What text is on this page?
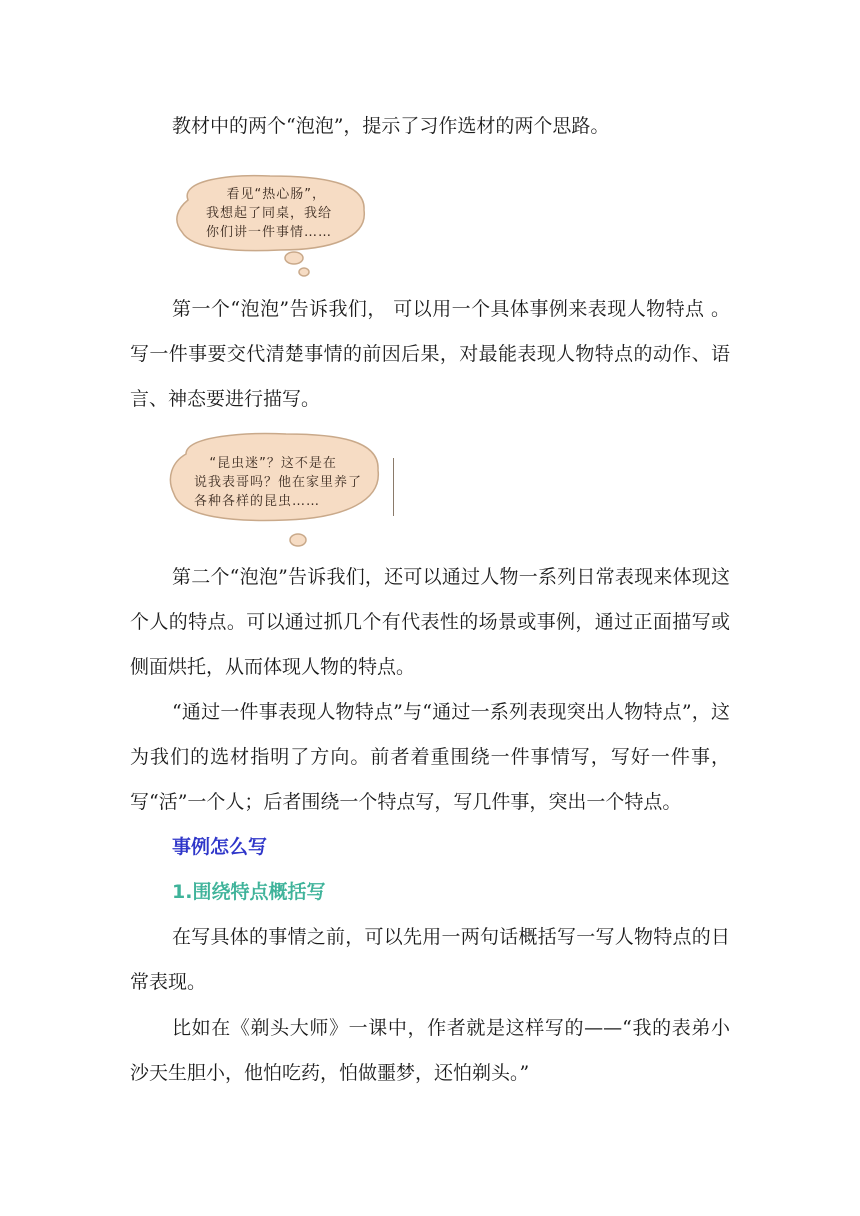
教材中的两个“泡泡”，提示了习作选材的两个思路。

看见“热心肠”，
我想起了同桌，我给
你们讲一件事情……

第一个“泡泡”告诉我们， 可以用一个具体事例来表现人物特点 。写一件事要交代清楚事情的前因后果，对最能表现人物特点的动作、语言、神态要进行描写。

“昆虫迷”？这不是在
说我表哥吗？他在家里养了
各种各样的昆虫……

第二个“泡泡”告诉我们，还可以通过人物一系列日常表现来体现这个人的特点。可以通过抓几个有代表性的场景或事例，通过正面描写或侧面烘托，从而体现人物的特点。

“通过一件事表现人物特点”与“通过一系列表现突出人物特点”，这为我们的选材指明了方向。前者着重围绕一件事情写，写好一件事，写“活”一个人；后者围绕一个特点写，写几件事，突出一个特点。

事例怎么写
1.围绕特点概括写

在写具体的事情之前，可以先用一两句话概括写一写人物特点的日常表现。

比如在《剃头大师》一课中，作者就是这样写的——“我的表弟小沙天生胆小，他怕吃药，怕做噩梦，还怕剃头。”
